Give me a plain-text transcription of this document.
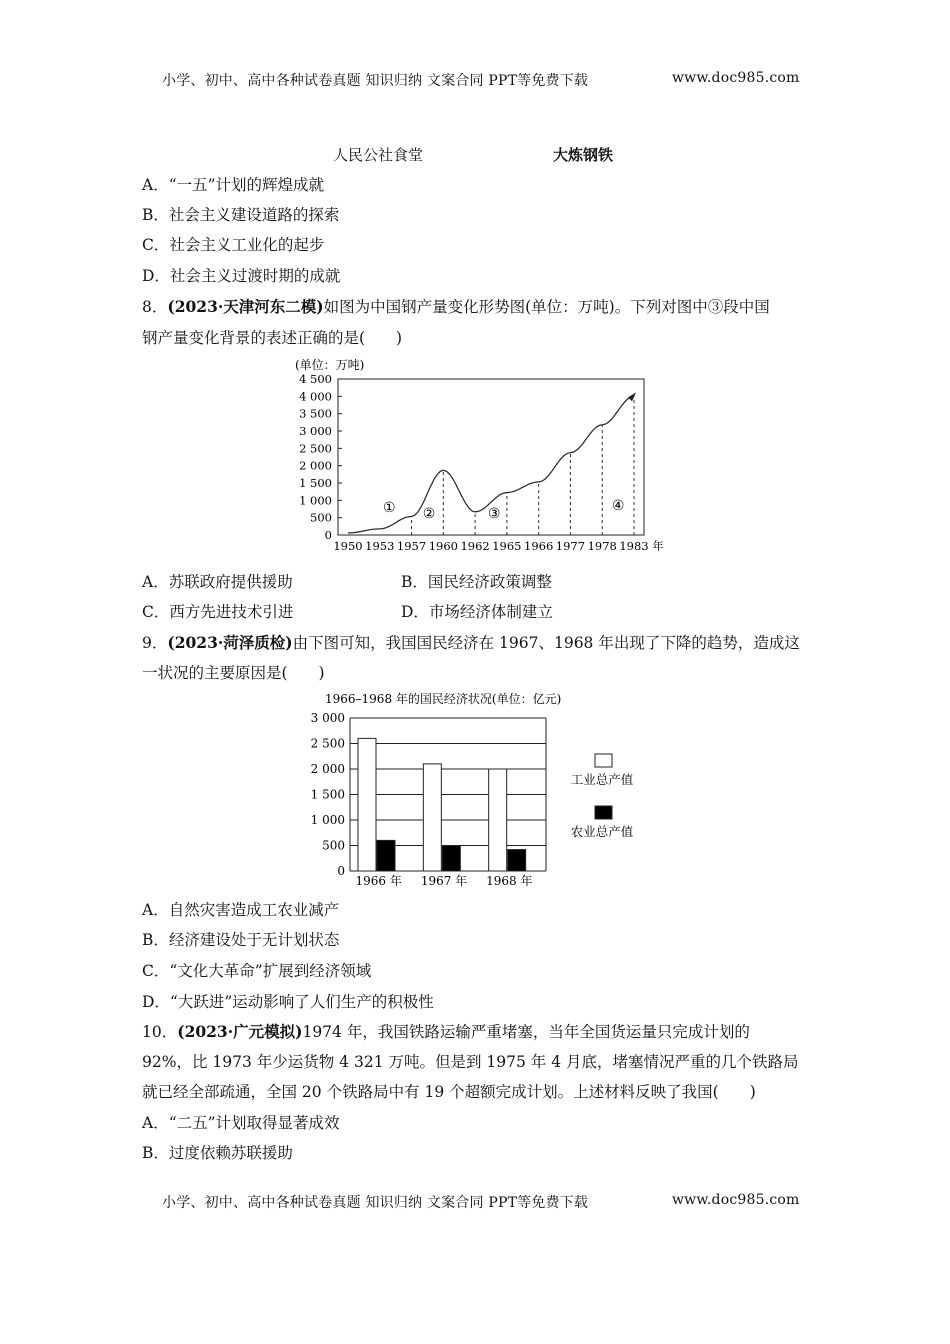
小学、初中、高中各种试卷真题 知识归纳 文案合同 PPT等免费下载	www.doc985.com
人民公社食堂	大炼钢铁
A．“一五”计划的辉煌成就
B．社会主义建设道路的探索
C．社会主义工业化的起步
D．社会主义过渡时期的成就
8．(2023·天津河东二模)如图为中国钢产量变化形势图(单位：万吨)。下列对图中③段中国
钢产量变化背景的表述正确的是(　　)
(单位：万吨)
0
500
1 000
1 500
2 000
2 500
3 000
3 500
4 000
4 500
① ②	③	④
1950 1953 1957 1960 1962 1965 1966 1977 1978 1983 年
A．苏联政府提供援助	B．国民经济政策调整
C．西方先进技术引进	D．市场经济体制建立
9．(2023·菏泽质检)由下图可知，我国国民经济在 1967、1968 年出现了下降的趋势，造成这
一状况的主要原因是(　　)
1966–1968 年的国民经济状况(单位：亿元)
0
500
1 000
1 500
2 000
2 500
3 000
1966 年 1967 年 1968 年
工业总产值
农业总产值
A．自然灾害造成工农业减产
B．经济建设处于无计划状态
C．“文化大革命”扩展到经济领域
D．“大跃进”运动影响了人们生产的积极性
10．(2023·广元模拟)1974 年，我国铁路运输严重堵塞，当年全国货运量只完成计划的
92%，比 1973 年少运货物 4 321 万吨。但是到 1975 年 4 月底，堵塞情况严重的几个铁路局
就已经全部疏通，全国 20 个铁路局中有 19 个超额完成计划。上述材料反映了我国(　　)
A．“二五”计划取得显著成效
B．过度依赖苏联援助
小学、初中、高中各种试卷真题 知识归纳 文案合同 PPT等免费下载	www.doc985.com
